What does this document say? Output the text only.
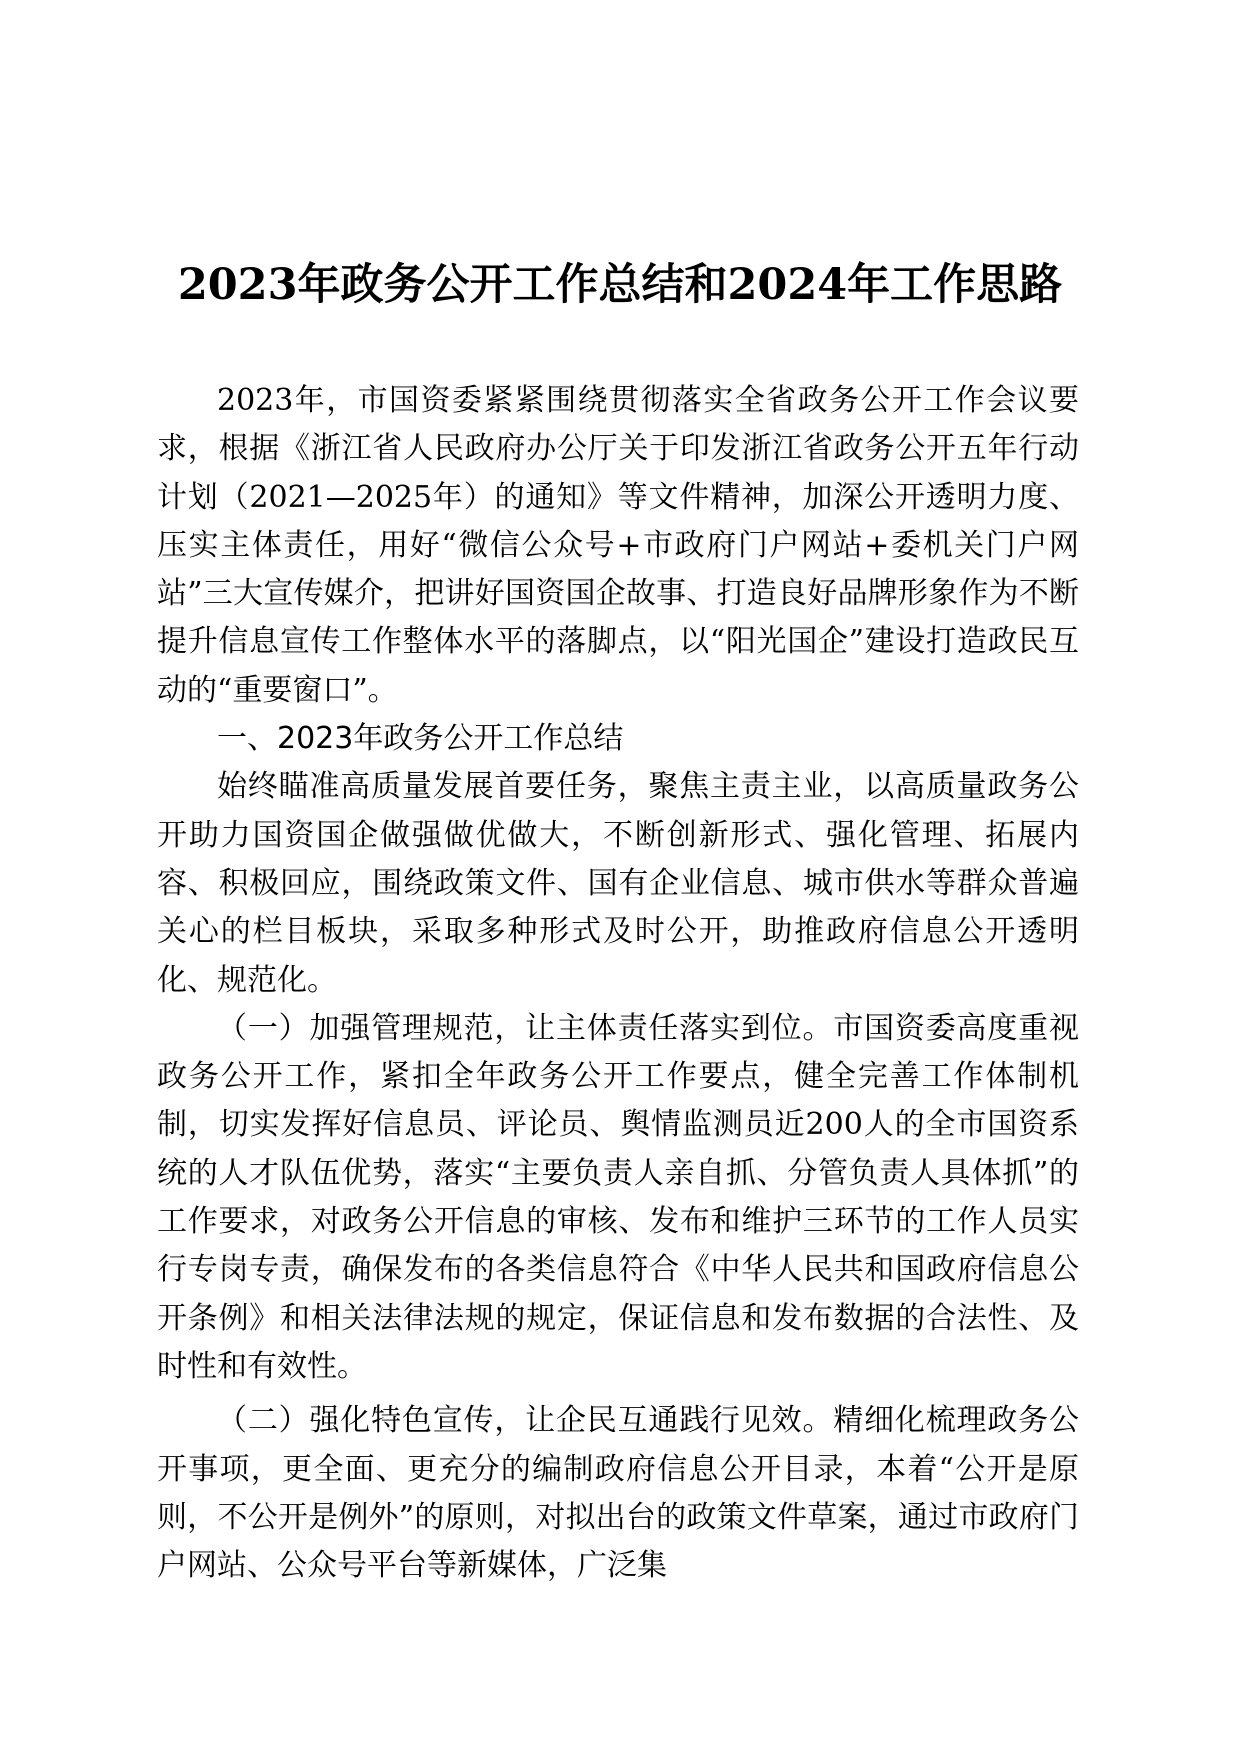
2023年政务公开工作总结和2024年工作思路

2023年，市国资委紧紧围绕贯彻落实全省政务公开工作会议要求，根据《浙江省人民政府办公厅关于印发浙江省政务公开五年行动计划（2021—2025年）的通知》等文件精神，加深公开透明力度、压实主体责任，用好“微信公众号+市政府门户网站+委机关门户网站”三大宣传媒介，把讲好国资国企故事、打造良好品牌形象作为不断提升信息宣传工作整体水平的落脚点，以“阳光国企”建设打造政民互动的“重要窗口”。

一、2023年政务公开工作总结

始终瞄准高质量发展首要任务，聚焦主责主业，以高质量政务公开助力国资国企做强做优做大，不断创新形式、强化管理、拓展内容、积极回应，围绕政策文件、国有企业信息、城市供水等群众普遍关心的栏目板块，采取多种形式及时公开，助推政府信息公开透明化、规范化。

（一）加强管理规范，让主体责任落实到位。市国资委高度重视政务公开工作，紧扣全年政务公开工作要点，健全完善工作体制机制，切实发挥好信息员、评论员、舆情监测员近200人的全市国资系统的人才队伍优势，落实“主要负责人亲自抓、分管负责人具体抓”的工作要求，对政务公开信息的审核、发布和维护三环节的工作人员实行专岗专责，确保发布的各类信息符合《中华人民共和国政府信息公开条例》和相关法律法规的规定，保证信息和发布数据的合法性、及时性和有效性。

（二）强化特色宣传，让企民互通践行见效。精细化梳理政务公开事项，更全面、更充分的编制政府信息公开目录，本着“公开是原则，不公开是例外”的原则，对拟出台的政策文件草案，通过市政府门户网站、公众号平台等新媒体，广泛集
